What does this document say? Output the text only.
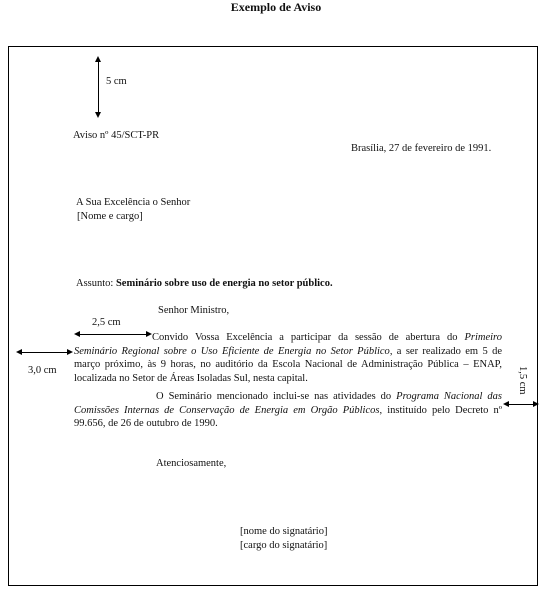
Exemplo de Aviso
5 cm
Aviso nº 45/SCT-PR
Brasília, 27 de fevereiro de 1991.
A Sua Excelência o Senhor
[Nome e cargo]
Assunto: Seminário sobre uso de energia no setor público.
Senhor Ministro,
2,5 cm
3,0 cm
Convido Vossa Excelência a participar da sessão de abertura do Primeiro Seminário Regional sobre o Uso Eficiente de Energia no Setor Público, a ser realizado em 5 de março próximo, às 9 horas, no auditório da Escola Nacional de Administração Pública – ENAP, localizada no Setor de Áreas Isoladas Sul, nesta capital.
O Seminário mencionado inclui-se nas atividades do Programa Nacional das Comissões Internas de Conservação de Energia em Orgão Públicos, instituído pelo Decreto nº 99.656, de 26 de outubro de 1990.
1,5 cm
Atenciosamente,
[nome do signatário]
[cargo do signatário]
